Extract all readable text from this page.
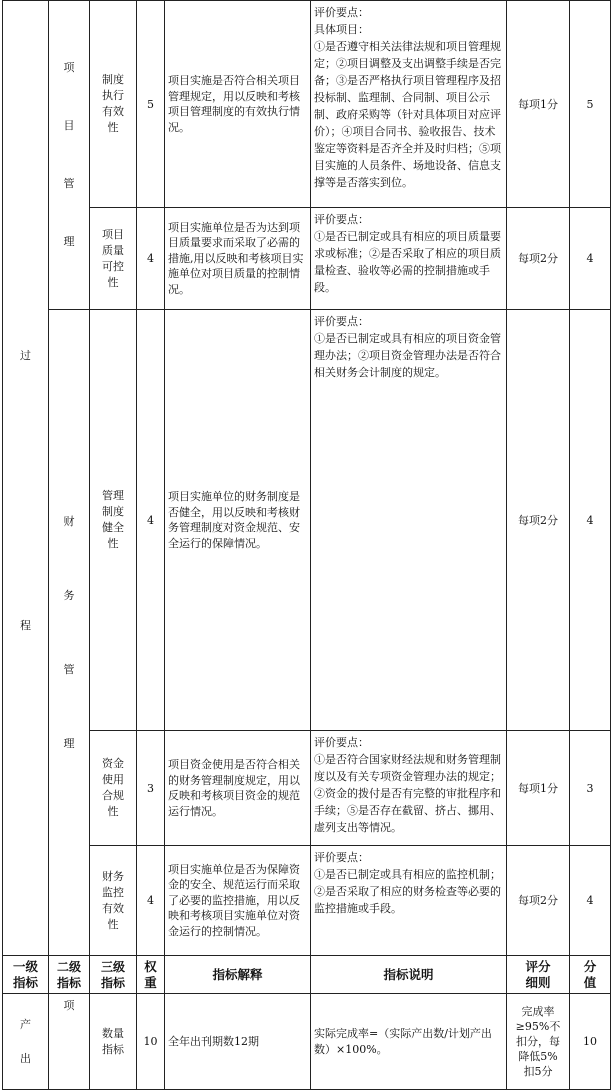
过
程	项
目
管
理	制度
执行
有效
性	5	项目实施是否符合相关项目管理规定，用以反映和考核项目管理制度的有效执行情况。	评价要点：
具体项目：
①是否遵守相关法律法规和项目管理规定；②项目调整及支出调整手续是否完备；③是否严格执行项目管理程序及招投标制、监理制、合同制、项目公示制、政府采购等（针对具体项目对应评价）；④项目合同书、验收报告、技术鉴定等资料是否齐全并及时归档；⑤项目实施的人员条件、场地设备、信息支撑等是否落实到位。	每项1分	5

		项目
质量
可控
性	4	项目实施单位是否为达到项目质量要求而采取了必需的措施,用以反映和考核项目实施单位对项目质量的控制情况。	评价要点：
①是否已制定或具有相应的项目质量要求或标准；②是否采取了相应的项目质量检查、验收等必需的控制措施或手段。	每项2分	4

	财
务
管
理	管理
制度
健全
性	4	项目实施单位的财务制度是否健全，用以反映和考核财务管理制度对资金规范、安全运行的保障情况。	评价要点：
①是否已制定或具有相应的项目资金管理办法；②项目资金管理办法是否符合相关财务会计制度的规定。	每项2分	4

		资金
使用
合规
性	3	项目资金使用是否符合相关的财务管理制度规定，用以反映和考核项目资金的规范运行情况。	评价要点：
①是否符合国家财经法规和财务管理制度以及有关专项资金管理办法的规定；②资金的拨付是否有完整的审批程序和手续；⑤是否存在截留、挤占、挪用、虚列支出等情况。	每项1分	3

		财务
监控
有效
性	4	项目实施单位是否为保障资金的安全、规范运行而采取了必要的监控措施，用以反映和考核项目实施单位对资金运行的控制情况。	评价要点：
①是否已制定或具有相应的监控机制；②是否采取了相应的财务检查等必要的监控措施或手段。	每项2分	4

一级
指标	二级
指标	三级
指标	权
重	指标解释	指标说明	评分
细则	分
值

产
出	项	数量
指标	10	全年出刊期数12期	实际完成率=（实际产出数/计划产出数）×100%。	完成率
≥95%不
扣分，每
降低5%
扣5分	10
